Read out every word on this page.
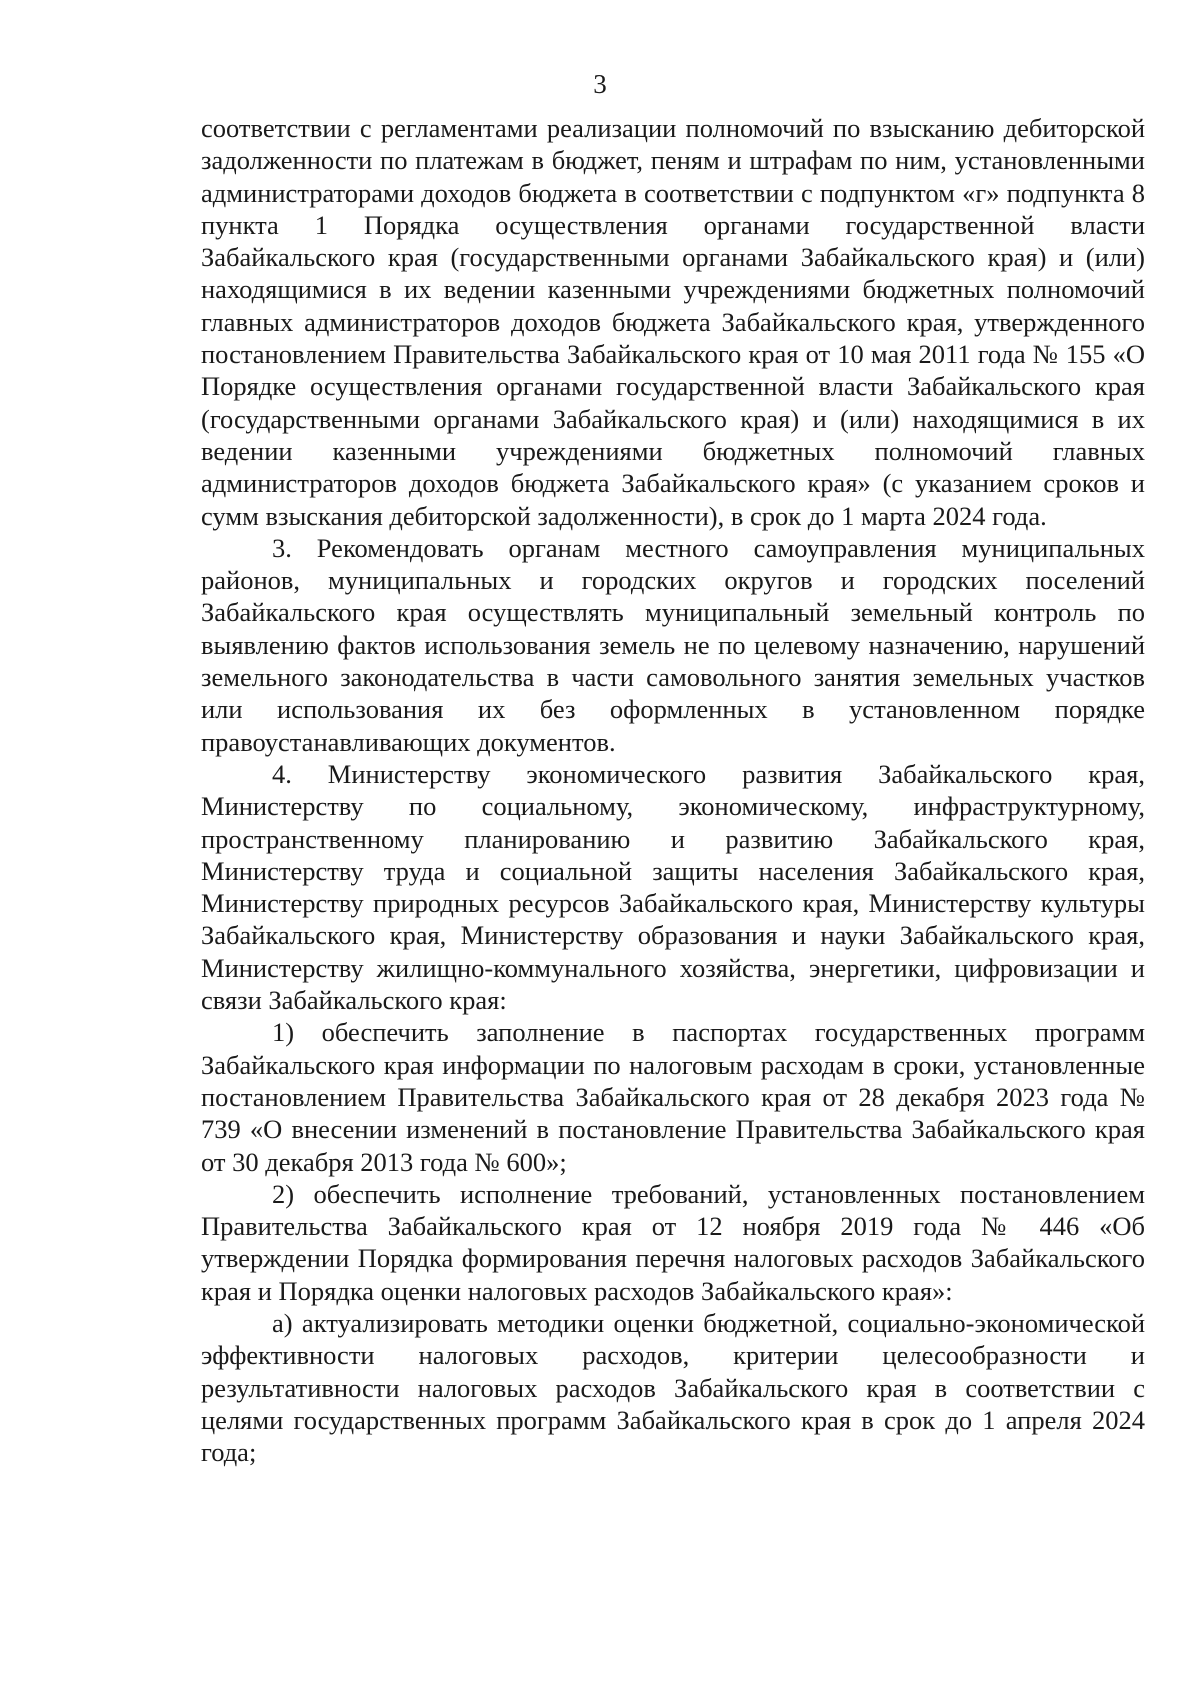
3

соответствии с регламентами реализации полномочий по взысканию дебиторской задолженности по платежам в бюджет, пеням и штрафам по ним, установленными администраторами доходов бюджета в соответствии с подпунктом «г» подпункта 8 пункта 1 Порядка осуществления органами государственной власти Забайкальского края (государственными органами Забайкальского края) и (или) находящимися в их ведении казенными учреждениями бюджетных полномочий главных администраторов доходов бюджета Забайкальского края, утвержденного постановлением Правительства Забайкальского края от 10 мая 2011 года № 155 «О Порядке осуществления органами государственной власти Забайкальского края (государственными органами Забайкальского края) и (или) находящимися в их ведении казенными учреждениями бюджетных полномочий главных администраторов доходов бюджета Забайкальского края» (с указанием сроков и сумм взыскания дебиторской задолженности), в срок до 1 марта 2024 года.

3. Рекомендовать органам местного самоуправления муниципальных районов, муниципальных и городских округов и городских поселений Забайкальского края осуществлять муниципальный земельный контроль по выявлению фактов использования земель не по целевому назначению, нарушений земельного законодательства в части самовольного занятия земельных участков или использования их без оформленных в установленном порядке правоустанавливающих документов.

4. Министерству экономического развития Забайкальского края, Министерству по социальному, экономическому, инфраструктурному, пространственному планированию и развитию Забайкальского края, Министерству труда и социальной защиты населения Забайкальского края, Министерству природных ресурсов Забайкальского края, Министерству культуры Забайкальского края, Министерству образования и науки Забайкальского края, Министерству жилищно-коммунального хозяйства, энергетики, цифровизации и связи Забайкальского края:

1) обеспечить заполнение в паспортах государственных программ Забайкальского края информации по налоговым расходам в сроки, установленные постановлением Правительства Забайкальского края от 28 декабря 2023 года № 739 «О внесении изменений в постановление Правительства Забайкальского края от 30 декабря 2013 года № 600»;

2) обеспечить исполнение требований, установленных постановлением Правительства Забайкальского края от 12 ноября 2019 года № 446 «Об утверждении Порядка формирования перечня налоговых расходов Забайкальского края и Порядка оценки налоговых расходов Забайкальского края»:

а) актуализировать методики оценки бюджетной, социально-экономической эффективности налоговых расходов, критерии целесообразности и результативности налоговых расходов Забайкальского края в соответствии с целями государственных программ Забайкальского края в срок до 1 апреля 2024 года;
